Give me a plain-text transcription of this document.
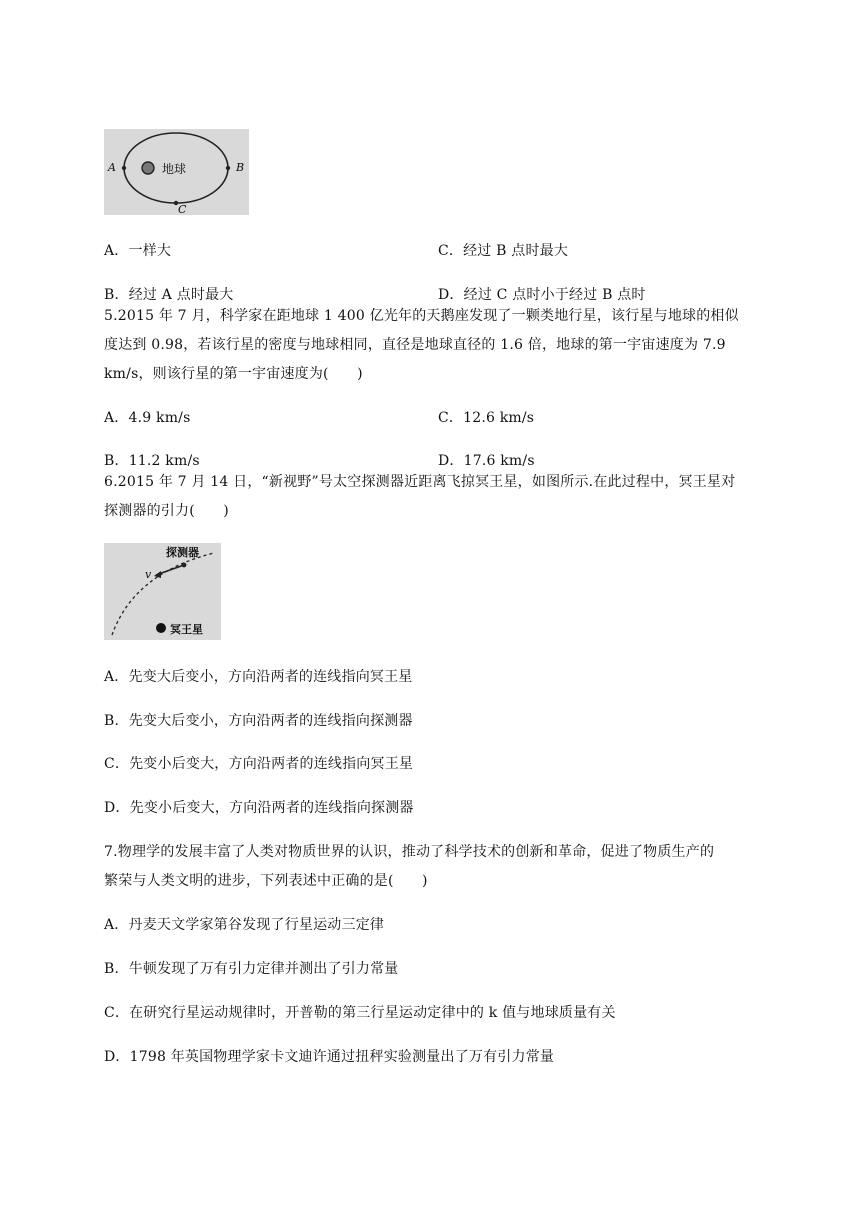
地球
A	B
C
A．一样大	C．经过 B 点时最大
B．经过 A 点时最大	D．经过 C 点时小于经过 B 点时
5.2015 年 7 月，科学家在距地球 1 400 亿光年的天鹅座发现了一颗类地行星，该行星与地球的相似
度达到 0.98，若该行星的密度与地球相同，直径是地球直径的 1.6 倍，地球的第一宇宙速度为 7.9
km/s，则该行星的第一宇宙速度为(　　)
A．4.9 km/s	C．12.6 km/s
B．11.2 km/s	D．17.6 km/s
6.2015 年 7 月 14 日，“新视野”号太空探测器近距离飞掠冥王星，如图所示.在此过程中，冥王星对
探测器的引力(　　)
探测器
v
冥王星
A．先变大后变小，方向沿两者的连线指向冥王星
B．先变大后变小，方向沿两者的连线指向探测器
C．先变小后变大，方向沿两者的连线指向冥王星
D．先变小后变大，方向沿两者的连线指向探测器
7.物理学的发展丰富了人类对物质世界的认识，推动了科学技术的创新和革命，促进了物质生产的
繁荣与人类文明的进步，下列表述中正确的是(　　)
A．丹麦天文学家第谷发现了行星运动三定律
B．牛顿发现了万有引力定律并测出了引力常量
C．在研究行星运动规律时，开普勒的第三行星运动定律中的 k 值与地球质量有关
D．1798 年英国物理学家卡文迪许通过扭秤实验测量出了万有引力常量
